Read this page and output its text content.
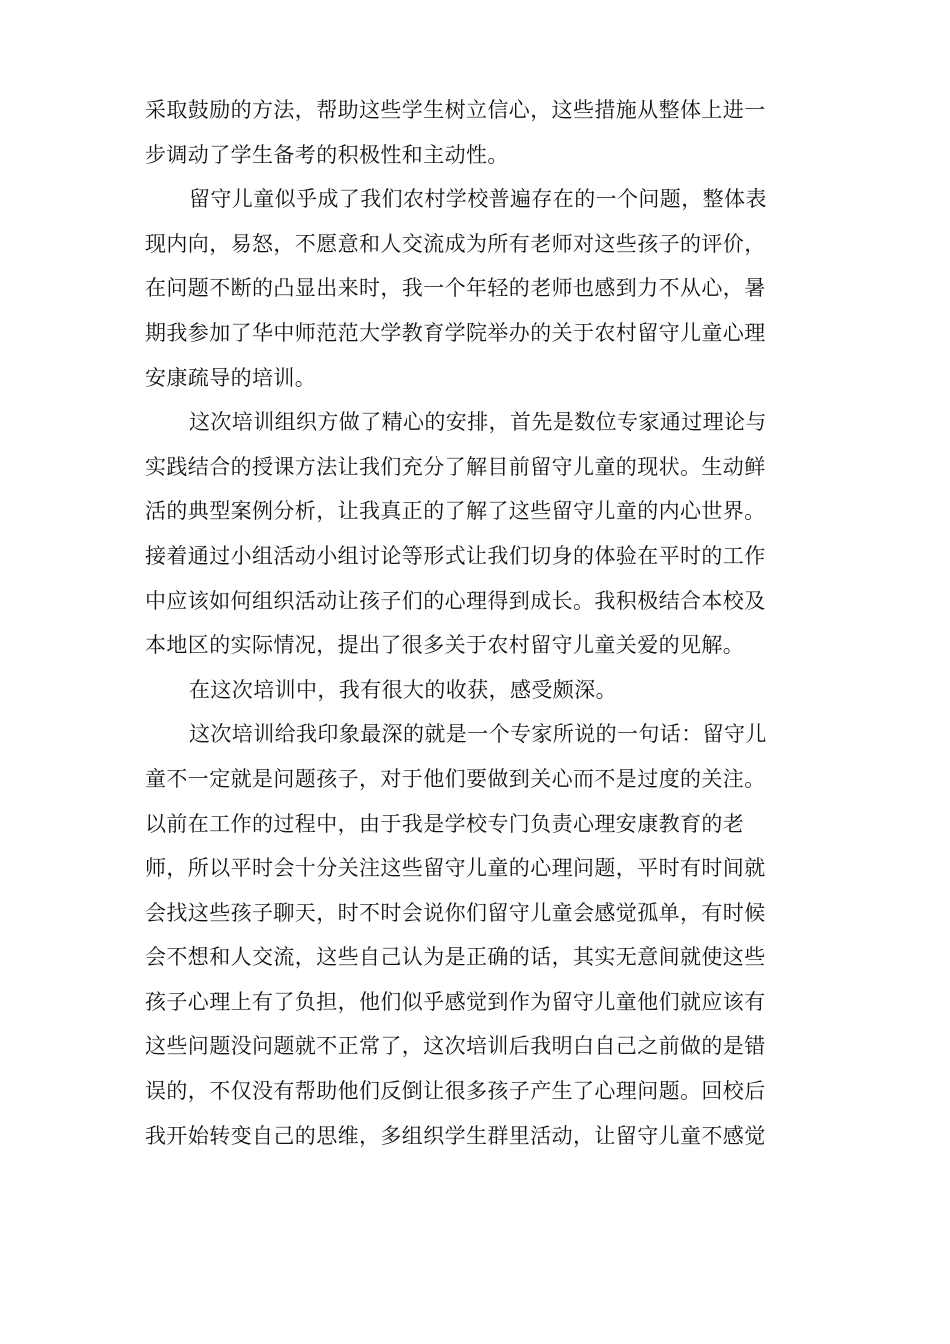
采取鼓励的方法，帮助这些学生树立信心，这些措施从整体上进一
步调动了学生备考的积极性和主动性。
留守儿童似乎成了我们农村学校普遍存在的一个问题，整体表
现内向，易怒，不愿意和人交流成为所有老师对这些孩子的评价，
在问题不断的凸显出来时，我一个年轻的老师也感到力不从心，暑
期我参加了华中师范范大学教育学院举办的关于农村留守儿童心理
安康疏导的培训。
这次培训组织方做了精心的安排，首先是数位专家通过理论与
实践结合的授课方法让我们充分了解目前留守儿童的现状。生动鲜
活的典型案例分析，让我真正的了解了这些留守儿童的内心世界。
接着通过小组活动小组讨论等形式让我们切身的体验在平时的工作
中应该如何组织活动让孩子们的心理得到成长。我积极结合本校及
本地区的实际情况，提出了很多关于农村留守儿童关爱的见解。
在这次培训中，我有很大的收获，感受颇深。
这次培训给我印象最深的就是一个专家所说的一句话：留守儿
童不一定就是问题孩子，对于他们要做到关心而不是过度的关注。
以前在工作的过程中，由于我是学校专门负责心理安康教育的老
师，所以平时会十分关注这些留守儿童的心理问题，平时有时间就
会找这些孩子聊天，时不时会说你们留守儿童会感觉孤单，有时候
会不想和人交流，这些自己认为是正确的话，其实无意间就使这些
孩子心理上有了负担，他们似乎感觉到作为留守儿童他们就应该有
这些问题没问题就不正常了，这次培训后我明白自己之前做的是错
误的，不仅没有帮助他们反倒让很多孩子产生了心理问题。回校后
我开始转变自己的思维，多组织学生群里活动，让留守儿童不感觉
